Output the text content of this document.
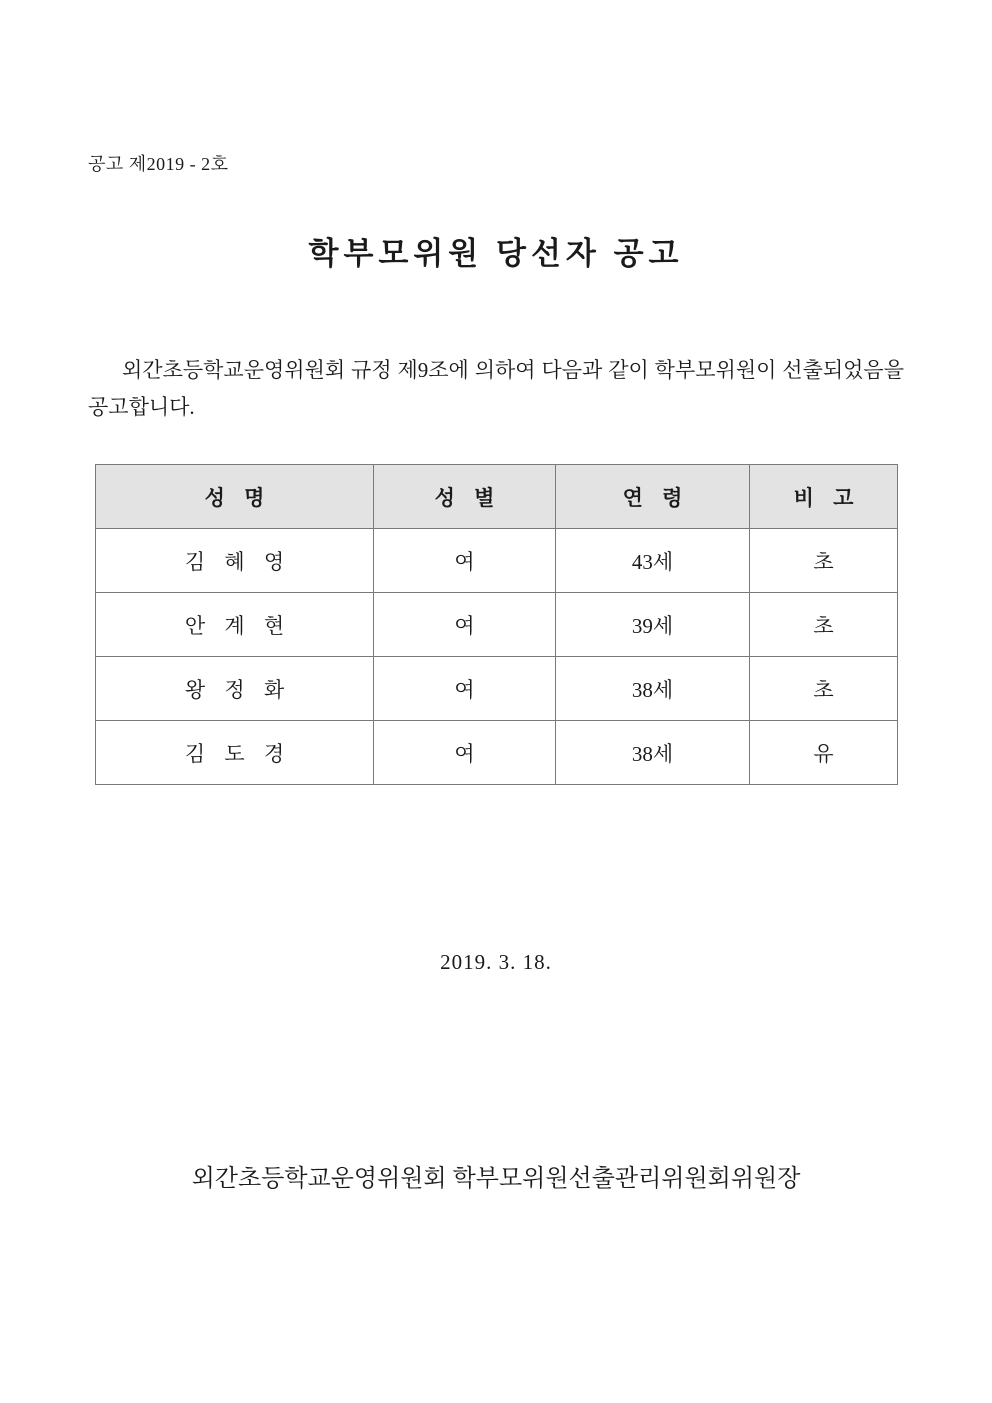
공고 제2019 - 2호
학부모위원 당선자 공고
외간초등학교운영위원회 규정 제9조에 의하여 다음과 같이 학부모위원이 선출되었음을 공고합니다.
성 명	성 별	연 령	비 고
김 혜 영	여	43세	초
안 계 현	여	39세	초
왕 정 화	여	38세	초
김 도 경	여	38세	유
2019. 3. 18.
외간초등학교운영위원회 학부모위원선출관리위원회위원장
